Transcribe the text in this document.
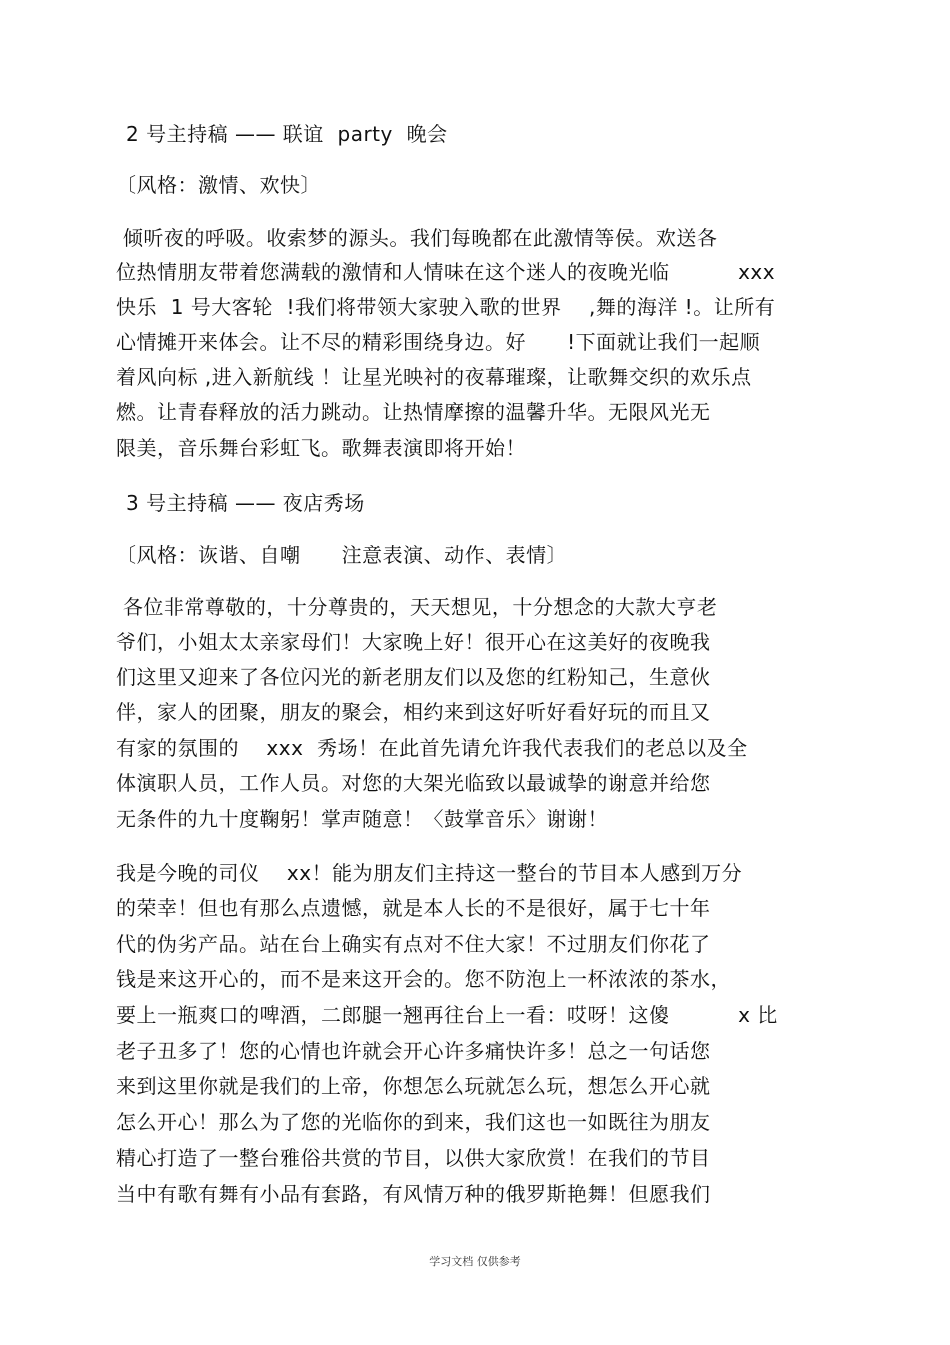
2 号主持稿 —— 联谊  party  晚会
〔风格：激情、欢快〕
倾听夜的呼吸。收索梦的源头。我们每晚都在此激情等侯。欢送各
位热情朋友带着您满载的激情和人情味在这个迷人的夜晚光临          xxx
快乐  1 号大客轮  !我们将带领大家驶入歌的世界    ,舞的海洋 !。让所有
心情摊开来体会。让不尽的精彩围绕身边。好      !下面就让我们一起顺
着风向标 ,进入新航线 ！让星光映衬的夜幕璀璨，让歌舞交织的欢乐点
燃。让青春释放的活力跳动。让热情摩擦的温馨升华。无限风光无
限美，音乐舞台彩虹飞。歌舞表演即将开始！
3 号主持稿 —— 夜店秀场
〔风格：诙谐、自嘲      注意表演、动作、表情〕
各位非常尊敬的，十分尊贵的，天天想见，十分想念的大款大亨老
爷们，小姐太太亲家母们！大家晚上好！很开心在这美好的夜晚我
们这里又迎来了各位闪光的新老朋友们以及您的红粉知己，生意伙
伴，家人的团聚，朋友的聚会，相约来到这好听好看好玩的而且又
有家的氛围的    xxx  秀场！在此首先请允许我代表我们的老总以及全
体演职人员，工作人员。对您的大架光临致以最诚挚的谢意并给您
无条件的九十度鞠躬！掌声随意！〈鼓掌音乐〉谢谢！
我是今晚的司仪    xx！能为朋友们主持这一整台的节目本人感到万分
的荣幸！但也有那么点遗憾，就是本人长的不是很好，属于七十年
代的伪劣产品。站在台上确实有点对不住大家！不过朋友们你花了
钱是来这开心的，而不是来这开会的。您不防泡上一杯浓浓的茶水，
要上一瓶爽口的啤酒，二郎腿一翘再往台上一看：哎呀！这傻          x 比
老子丑多了！您的心情也许就会开心许多痛快许多！总之一句话您
来到这里你就是我们的上帝，你想怎么玩就怎么玩，想怎么开心就
怎么开心！那么为了您的光临你的到来，我们这也一如既往为朋友
精心打造了一整台雅俗共赏的节目，以供大家欣赏！在我们的节目
当中有歌有舞有小品有套路，有风情万种的俄罗斯艳舞！但愿我们
学习文档 仅供参考
